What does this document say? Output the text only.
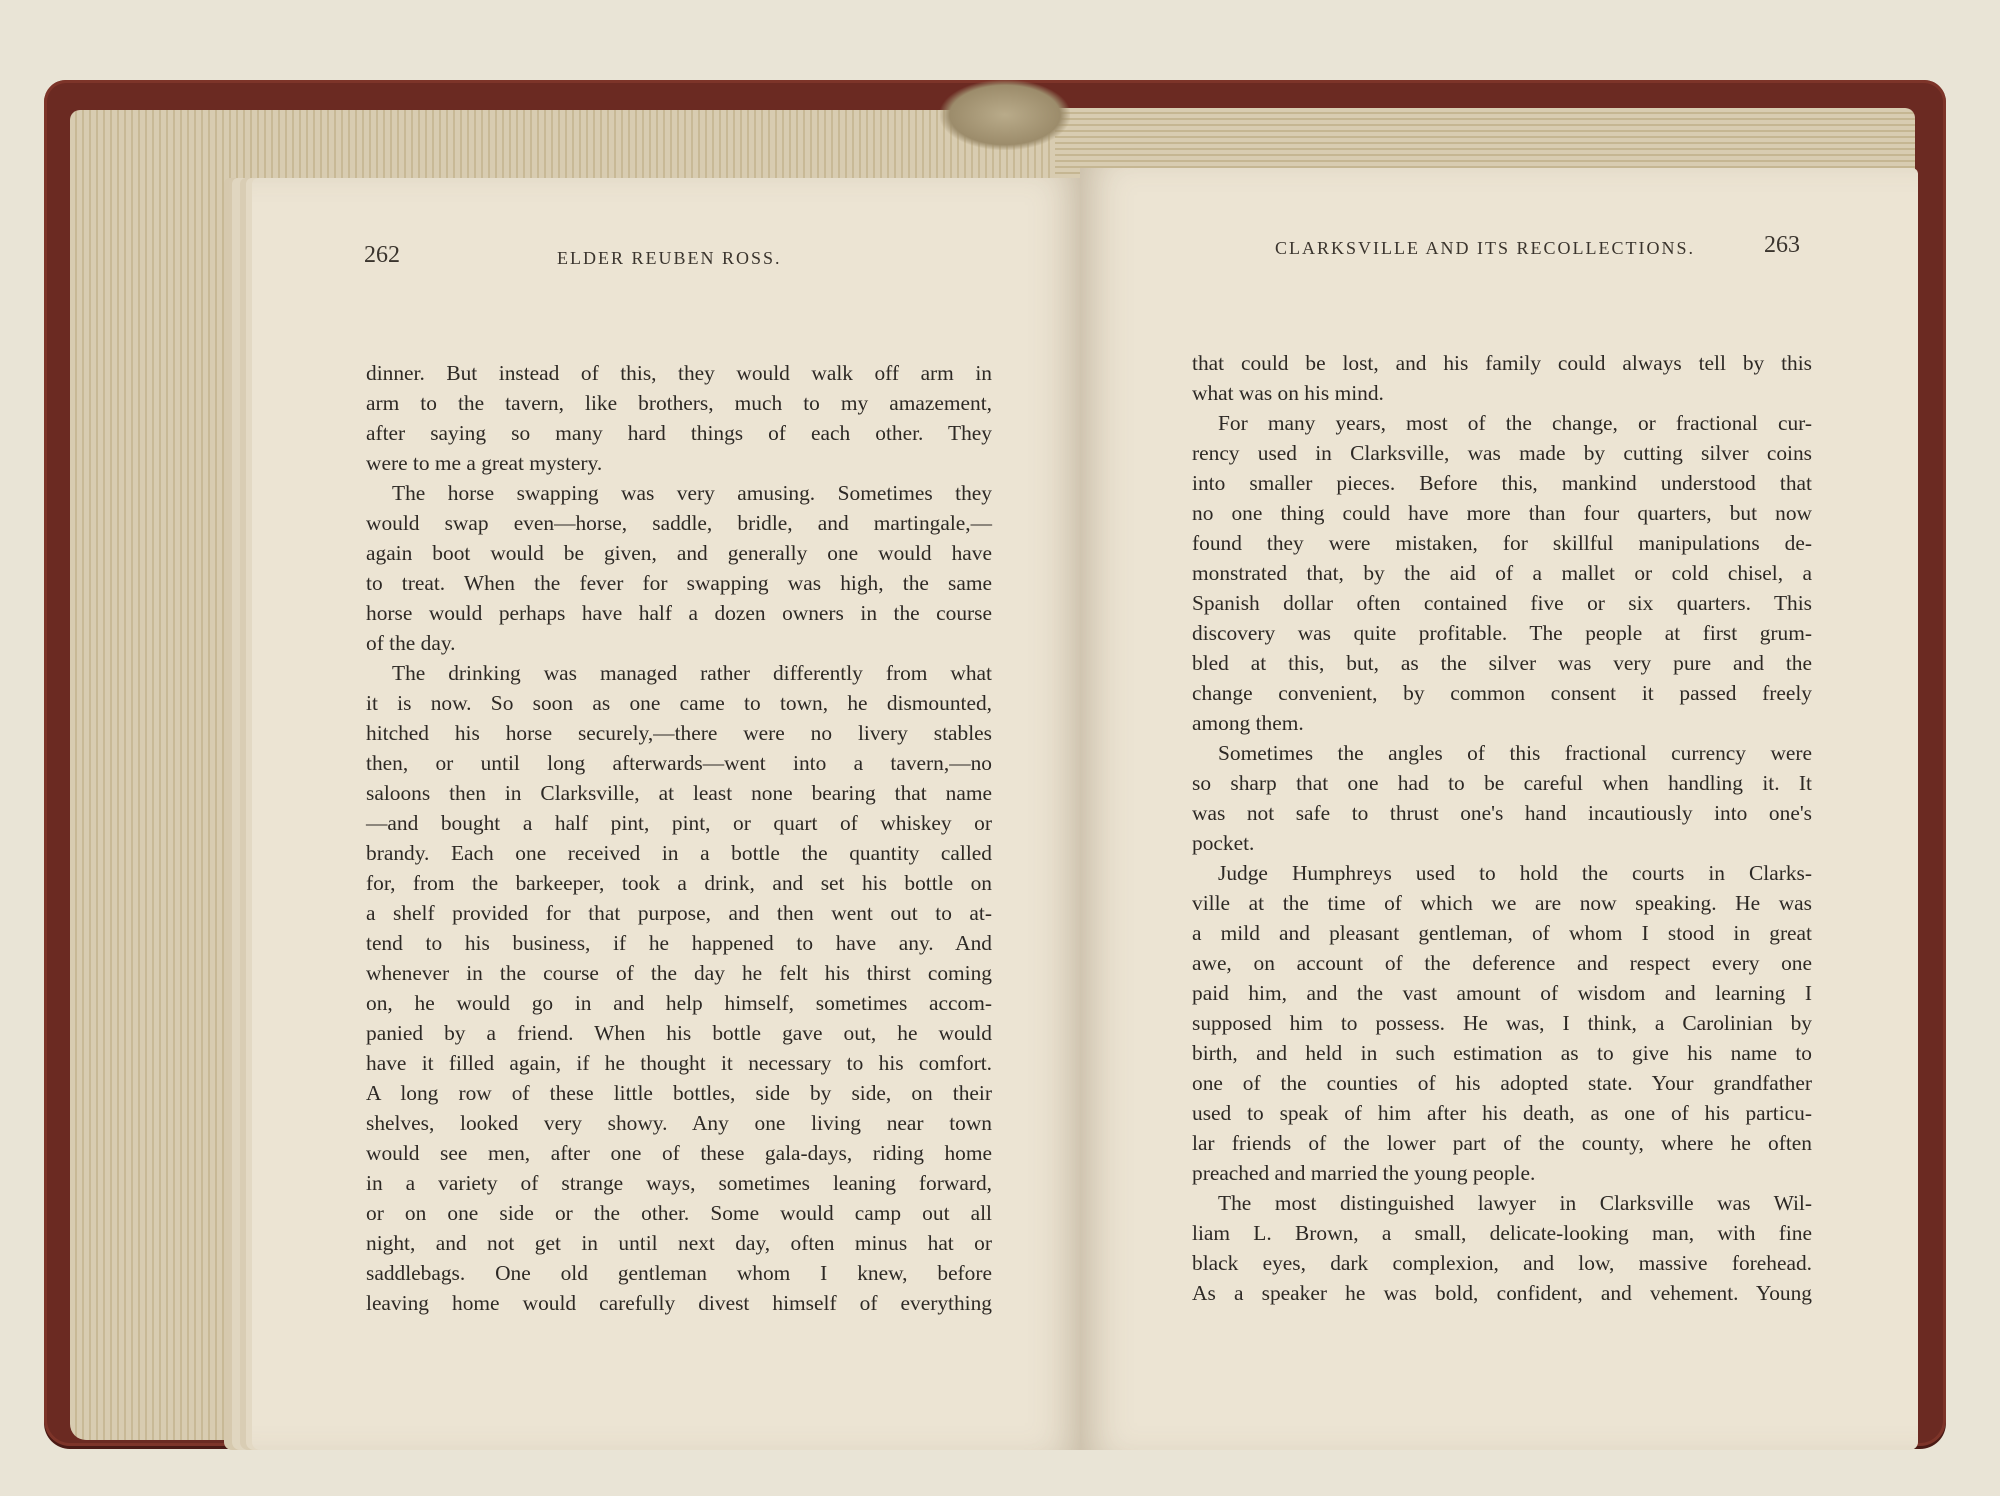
262	ELDER REUBEN ROSS.
dinner. But instead of this, they would walk off arm in
arm to the tavern, like brothers, much to my amazement,
after saying so many hard things of each other. They
were to me a great mystery.
The horse swapping was very amusing. Sometimes they
would swap even—horse, saddle, bridle, and martingale,—
again boot would be given, and generally one would have
to treat. When the fever for swapping was high, the same
horse would perhaps have half a dozen owners in the course
of the day.
The drinking was managed rather differently from what
it is now. So soon as one came to town, he dismounted,
hitched his horse securely,—there were no livery stables
then, or until long afterwards—went into a tavern,—no
saloons then in Clarksville, at least none bearing that name
—and bought a half pint, pint, or quart of whiskey or
brandy. Each one received in a bottle the quantity called
for, from the barkeeper, took a drink, and set his bottle on
a shelf provided for that purpose, and then went out to at-
tend to his business, if he happened to have any. And
whenever in the course of the day he felt his thirst coming
on, he would go in and help himself, sometimes accom-
panied by a friend. When his bottle gave out, he would
have it filled again, if he thought it necessary to his comfort.
A long row of these little bottles, side by side, on their
shelves, looked very showy. Any one living near town
would see men, after one of these gala-days, riding home
in a variety of strange ways, sometimes leaning forward,
or on one side or the other. Some would camp out all
night, and not get in until next day, often minus hat or
saddlebags. One old gentleman whom I knew, before
leaving home would carefully divest himself of everything
CLARKSVILLE AND ITS RECOLLECTIONS.	263
that could be lost, and his family could always tell by this
what was on his mind.
For many years, most of the change, or fractional cur-
rency used in Clarksville, was made by cutting silver coins
into smaller pieces. Before this, mankind understood that
no one thing could have more than four quarters, but now
found they were mistaken, for skillful manipulations de-
monstrated that, by the aid of a mallet or cold chisel, a
Spanish dollar often contained five or six quarters. This
discovery was quite profitable. The people at first grum-
bled at this, but, as the silver was very pure and the
change convenient, by common consent it passed freely
among them.
Sometimes the angles of this fractional currency were
so sharp that one had to be careful when handling it. It
was not safe to thrust one's hand incautiously into one's
pocket.
Judge Humphreys used to hold the courts in Clarks-
ville at the time of which we are now speaking. He was
a mild and pleasant gentleman, of whom I stood in great
awe, on account of the deference and respect every one
paid him, and the vast amount of wisdom and learning I
supposed him to possess. He was, I think, a Carolinian by
birth, and held in such estimation as to give his name to
one of the counties of his adopted state. Your grandfather
used to speak of him after his death, as one of his particu-
lar friends of the lower part of the county, where he often
preached and married the young people.
The most distinguished lawyer in Clarksville was Wil-
liam L. Brown, a small, delicate-looking man, with fine
black eyes, dark complexion, and low, massive forehead.
As a speaker he was bold, confident, and vehement. Young
